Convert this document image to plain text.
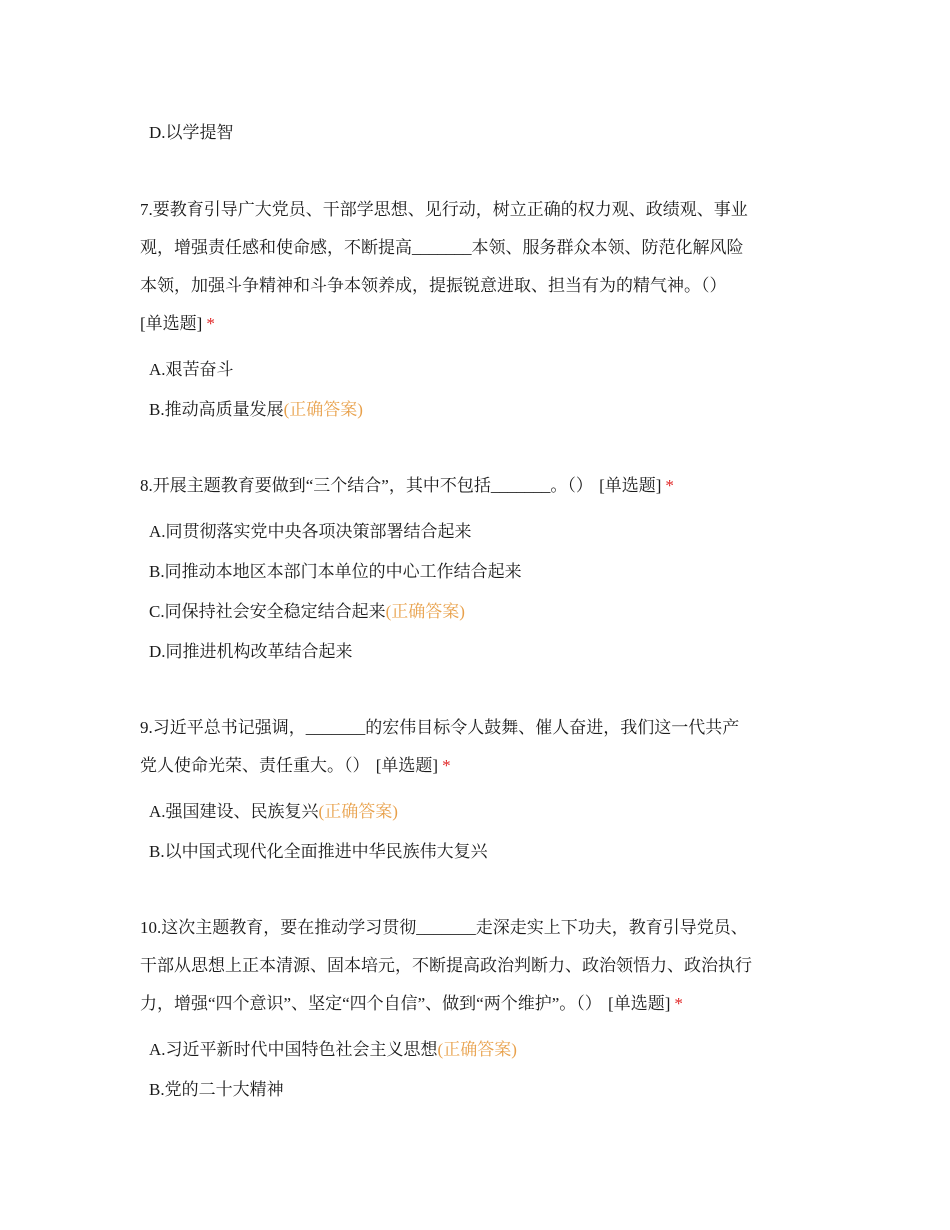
D.以学提智
7.要教育引导广大党员、干部学思想、见行动，树立正确的权力观、政绩观、事业
观，增强责任感和使命感，不断提高_______本领、服务群众本领、防范化解风险
本领，加强斗争精神和斗争本领养成，提振锐意进取、担当有为的精气神。（）
[单选题] *
A.艰苦奋斗
B.推动高质量发展(正确答案)
8.开展主题教育要做到“三个结合”，其中不包括_______。（） [单选题] *
A.同贯彻落实党中央各项决策部署结合起来
B.同推动本地区本部门本单位的中心工作结合起来
C.同保持社会安全稳定结合起来(正确答案)
D.同推进机构改革结合起来
9.习近平总书记强调，_______的宏伟目标令人鼓舞、催人奋进，我们这一代共产
党人使命光荣、责任重大。（） [单选题] *
A.强国建设、民族复兴(正确答案)
B.以中国式现代化全面推进中华民族伟大复兴
10.这次主题教育，要在推动学习贯彻_______走深走实上下功夫，教育引导党员、
干部从思想上正本清源、固本培元，不断提高政治判断力、政治领悟力、政治执行
力，增强“四个意识”、坚定“四个自信”、做到“两个维护”。（） [单选题] *
A.习近平新时代中国特色社会主义思想(正确答案)
B.党的二十大精神
